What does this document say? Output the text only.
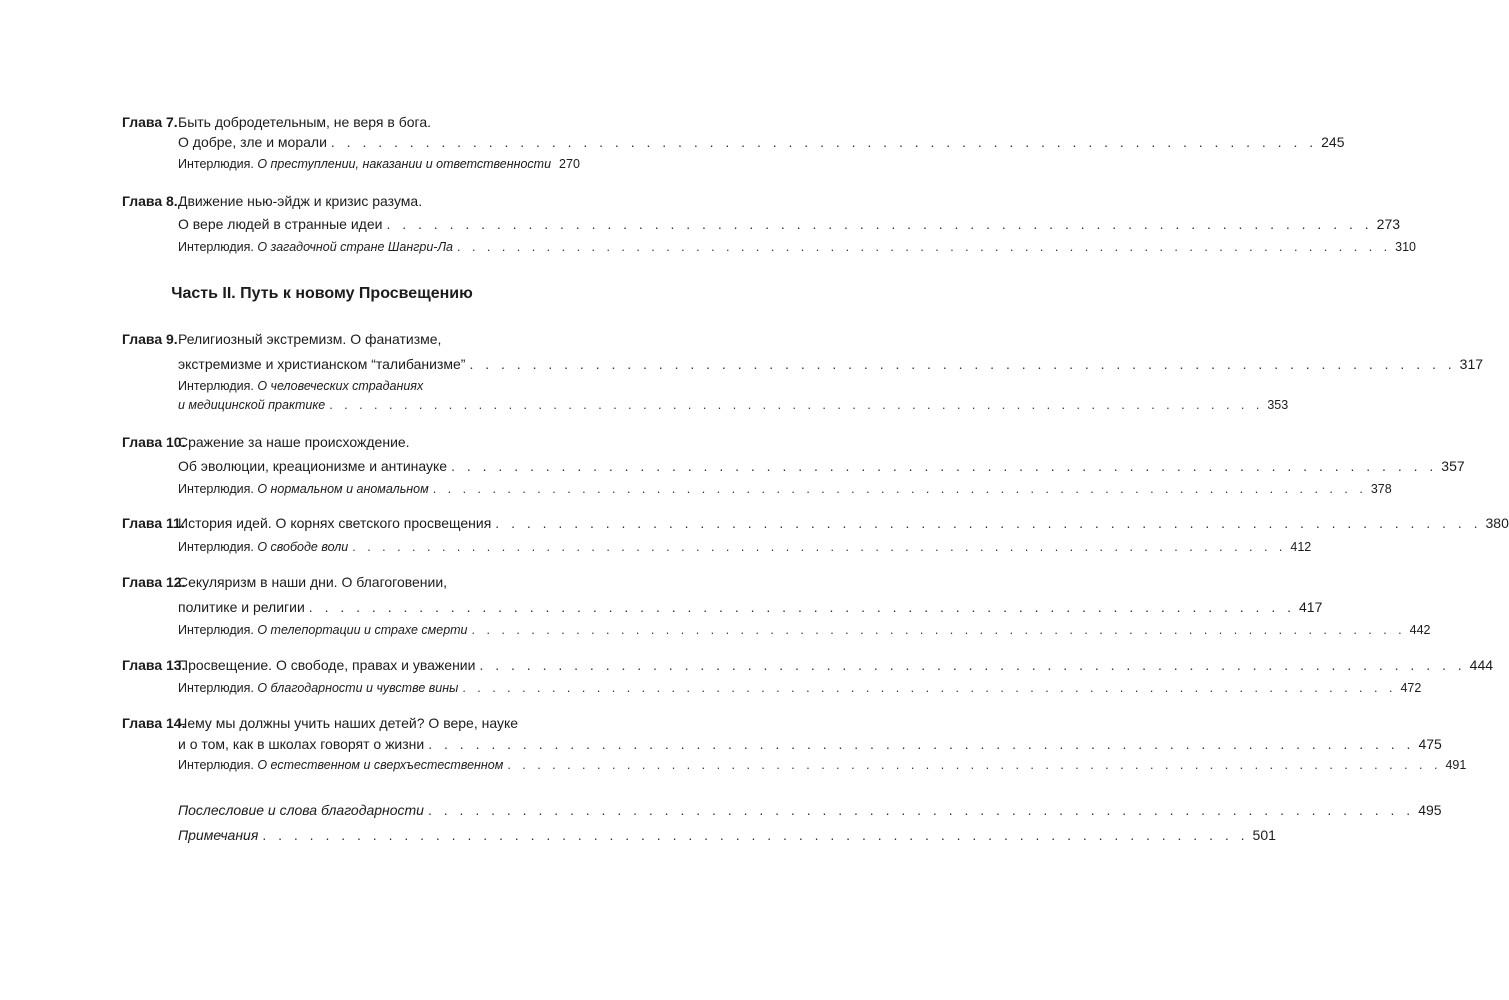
Глава 7. Быть добродетельным, не веря в бога.
О добре, зле и морали . . . . . . . . . . . . . . . . . . . . . . . . . . . . . . . . . . . . . . . . . . . . . . . . . . . . . . . . . . . . . . . 245
Интерлюдия. О преступлении, наказании и ответственности 270
Глава 8. Движение нью-эйдж и кризис разума.
О вере людей в странные идеи . . . . . . . . . . . . . . . . . . . . . . . . . . . . . . . . . . . . . . . . . . . . . . . . . . . . . . . . . . . . . . . 273
Интерлюдия. О загадочной стране Шангри-Ла . . . . . . . . . . . . . . . . . . . . . . . . . . . . . . . . . . . . . . . . . . . . . . . . . . . . . . . . . . . . . . . 310
Часть II. Путь к новому Просвещению
Глава 9. Религиозный экстремизм. О фанатизме,
экстремизме и христианском “талибанизме” . . . . . . . . . . . . . . . . . . . . . . . . . . . . . . . . . . . . . . . . . . . . . . . . . . . . . . . . . . . . . . . 317
Интерлюдия. О человеческих страданиях
и медицинской практике . . . . . . . . . . . . . . . . . . . . . . . . . . . . . . . . . . . . . . . . . . . . . . . . . . . . . . . . . . . . . . . 353
Глава 10.
Сражение за наше происхождение.
Об эволюции, креационизме и антинауке . . . . . . . . . . . . . . . . . . . . . . . . . . . . . . . . . . . . . . . . . . . . . . . . . . . . . . . . . . . . . . . 357
Интерлюдия. О нормальном и аномальном . . . . . . . . . . . . . . . . . . . . . . . . . . . . . . . . . . . . . . . . . . . . . . . . . . . . . . . . . . . . . . . 378
Глава 11.
История идей. О корнях светского просвещения . . . . . . . . . . . . . . . . . . . . . . . . . . . . . . . . . . . . . . . . . . . . . . . . . . . . . . . . . . . . . . . 380
Интерлюдия. О свободе воли . . . . . . . . . . . . . . . . . . . . . . . . . . . . . . . . . . . . . . . . . . . . . . . . . . . . . . . . . . . . . . . 412
Глава 12.
Секуляризм в наши дни. О благоговении,
политике и религии . . . . . . . . . . . . . . . . . . . . . . . . . . . . . . . . . . . . . . . . . . . . . . . . . . . . . . . . . . . . . . . 417
Интерлюдия. О телепортации и страхе смерти . . . . . . . . . . . . . . . . . . . . . . . . . . . . . . . . . . . . . . . . . . . . . . . . . . . . . . . . . . . . . . . 442
Глава 13.
Просвещение. О свободе, правах и уважении . . . . . . . . . . . . . . . . . . . . . . . . . . . . . . . . . . . . . . . . . . . . . . . . . . . . . . . . . . . . . . . 444
Интерлюдия. О благодарности и чувстве вины . . . . . . . . . . . . . . . . . . . . . . . . . . . . . . . . . . . . . . . . . . . . . . . . . . . . . . . . . . . . . . . 472
Глава 14.
Чему мы должны учить наших детей? О вере, науке
и о том, как в школах говорят о жизни . . . . . . . . . . . . . . . . . . . . . . . . . . . . . . . . . . . . . . . . . . . . . . . . . . . . . . . . . . . . . . . 475
Интерлюдия. О естественном и сверхъестественном . . . . . . . . . . . . . . . . . . . . . . . . . . . . . . . . . . . . . . . . . . . . . . . . . . . . . . . . . . . . . . . 491
Послесловие и слова благодарности . . . . . . . . . . . . . . . . . . . . . . . . . . . . . . . . . . . . . . . . . . . . . . . . . . . . . . . . . . . . . . . 495
Примечания . . . . . . . . . . . . . . . . . . . . . . . . . . . . . . . . . . . . . . . . . . . . . . . . . . . . . . . . . . . . . . . 501
